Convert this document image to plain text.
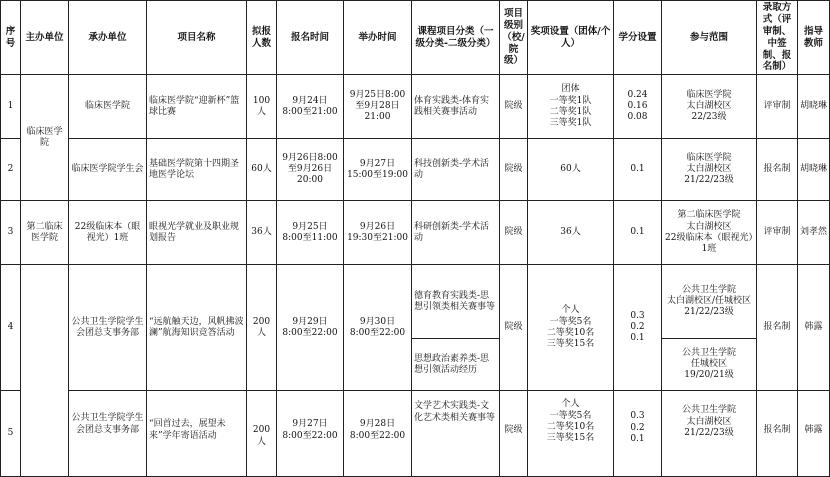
序号	主办单位	承办单位	项目名称	拟报人数	报名时间	举办时间	课程项目分类（一级分类-二级分类）	项目级别（校/院级）	奖项设置（团体/个人）	学分设置	参与范围	录取方式（评审制、中签制、报名制）	指导教师
1	临床医学院	临床医学院	临床医学院“迎新杯”篮球比赛	100人	9月24日
8:00至21:00	9月25日8:00至9月28日
21:00	体育实践类-体育实践相关赛事活动	院级	团体
一等奖1队
二等奖1队
三等奖1队	0.24
0.16
0.08	临床医学院
太白湖校区
22/23级	评审制	胡晓琳
2		临床医学院学生会	基础医学院第十四期圣地医学论坛	60人	9月26日8:00至9月26日
20:00	9月27日
15:00至19:00	科技创新类-学术活动	院级	60人	0.1	临床医学院
太白湖校区
21/22/23级	报名制	胡晓琳
3	第二临床医学院	22级临床本（眼视光）1班	眼视光学就业及职业规划报告	36人	9月25日
8:00至11:00	9月26日
19:30至21:00	科研创新类-学术活动	院级	36人	0.1	第二临床医学院
太白湖校区
22级临床本（眼视光）1班	评审制	刘孝然
4		公共卫生学院学生会团总支事务部	“远航触天边，风帆拂波澜”航海知识竞答活动	200人	9月29日
8:00至22:00	9月30日
8:00至22:00	德育教育实践类-思想引领类相关赛事等	院级	个人
一等奖5名
二等奖10名
三等奖15名	0.3
0.2
0.1	公共卫生学院
太白湖校区/任城校区
21/22/23级	报名制	韩露
							思想政治素养类-思想引领活动经历				公共卫生学院
任城校区
19/20/21级		
5		公共卫生学院学生会团总支事务部	“回首过去，展望未来”学年寄语活动	200人	9月27日
8:00至22:00	9月28日
8:00至22:00	文学艺术实践类-文化艺术类相关赛事等	院级	个人
一等奖5名
二等奖10名
三等奖15名	0.3
0.2
0.1	公共卫生学院
太白湖校区
21/22/23级	报名制	韩露
